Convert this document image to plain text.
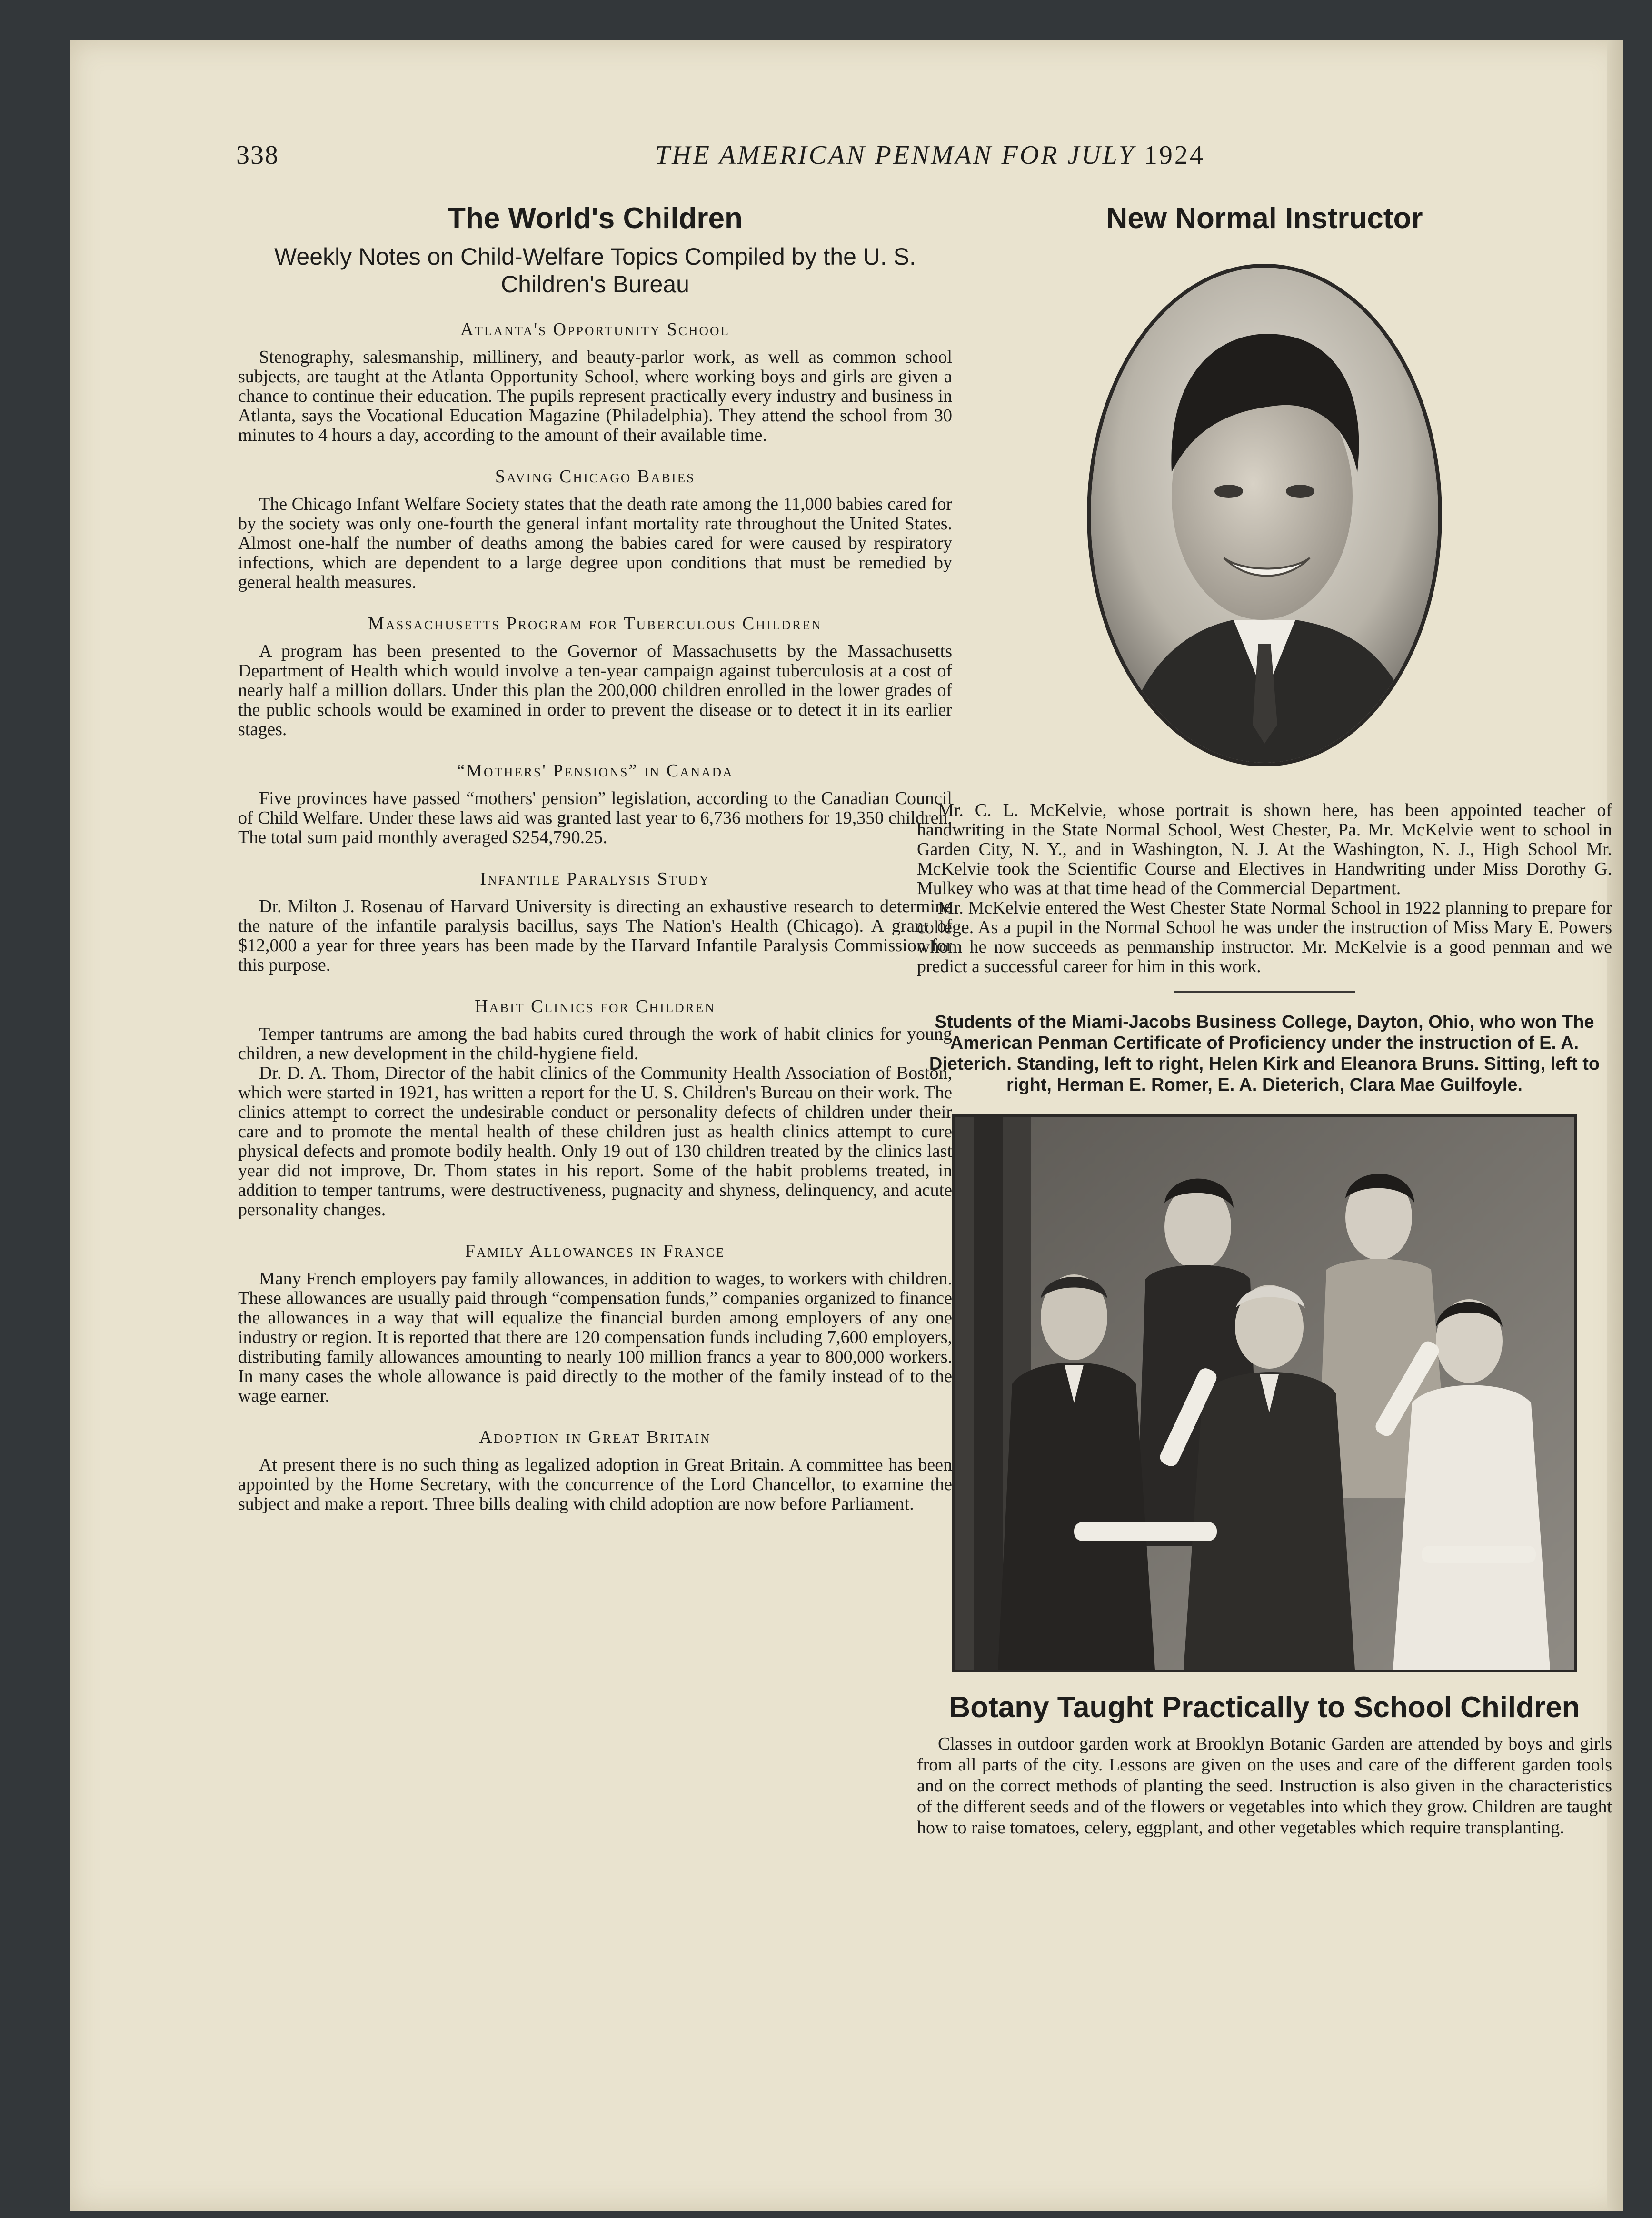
338	THE AMERICAN PENMAN FOR JULY 1924
The World's Children

Weekly Notes on Child-Welfare Topics Compiled by the U. S. Children's Bureau

Atlanta's Opportunity School

Stenography, salesmanship, millinery, and beauty-parlor work, as well as common school subjects, are taught at the Atlanta Opportunity School, where working boys and girls are given a chance to continue their education. The pupils represent practically every industry and business in Atlanta, says the Vocational Education Magazine (Philadelphia). They attend the school from 30 minutes to 4 hours a day, according to the amount of their available time.

Saving Chicago Babies

The Chicago Infant Welfare Society states that the death rate among the 11,000 babies cared for by the society was only one-fourth the general infant mortality rate throughout the United States. Almost one-half the number of deaths among the babies cared for were caused by respiratory infections, which are dependent to a large degree upon conditions that must be remedied by general health measures.

Massachusetts Program for Tuberculous Children

A program has been presented to the Governor of Massachusetts by the Massachusetts Department of Health which would involve a ten-year campaign against tuberculosis at a cost of nearly half a million dollars. Under this plan the 200,000 children enrolled in the lower grades of the public schools would be examined in order to prevent the disease or to detect it in its earlier stages.

“Mothers' Pensions” in Canada

Five provinces have passed “mothers' pension” legislation, according to the Canadian Council of Child Welfare. Under these laws aid was granted last year to 6,736 mothers for 19,350 children. The total sum paid monthly averaged $254,790.25.

Infantile Paralysis Study

Dr. Milton J. Rosenau of Harvard University is directing an exhaustive research to determine the nature of the infantile paralysis bacillus, says The Nation's Health (Chicago). A grant of $12,000 a year for three years has been made by the Harvard Infantile Paralysis Commission for this purpose.

Habit Clinics for Children

Temper tantrums are among the bad habits cured through the work of habit clinics for young children, a new development in the child-hygiene field.

Dr. D. A. Thom, Director of the habit clinics of the Community Health Association of Boston, which were started in 1921, has written a report for the U. S. Children's Bureau on their work. The clinics attempt to correct the undesirable conduct or personality defects of children under their care and to promote the mental health of these children just as health clinics attempt to cure physical defects and promote bodily health. Only 19 out of 130 children treated by the clinics last year did not improve, Dr. Thom states in his report. Some of the habit problems treated, in addition to temper tantrums, were destructiveness, pugnacity and shyness, delinquency, and acute personality changes.

Family Allowances in France

Many French employers pay family allowances, in addition to wages, to workers with children. These allowances are usually paid through “compensation funds,” companies organized to finance the allowances in a way that will equalize the financial burden among employers of any one industry or region. It is reported that there are 120 compensation funds including 7,600 employers, distributing family allowances amounting to nearly 100 million francs a year to 800,000 workers. In many cases the whole allowance is paid directly to the mother of the family instead of to the wage earner.

Adoption in Great Britain

At present there is no such thing as legalized adoption in Great Britain. A committee has been appointed by the Home Secretary, with the concurrence of the Lord Chancellor, to examine the subject and make a report. Three bills dealing with child adoption are now before Parliament.

New Normal Instructor

Mr. C. L. McKelvie, whose portrait is shown here, has been appointed teacher of handwriting in the State Normal School, West Chester, Pa. Mr. McKelvie went to school in Garden City, N. Y., and in Washington, N. J. At the Washington, N. J., High School Mr. McKelvie took the Scientific Course and Electives in Handwriting under Miss Dorothy G. Mulkey who was at that time head of the Commercial Department.

Mr. McKelvie entered the West Chester State Normal School in 1922 planning to prepare for college. As a pupil in the Normal School he was under the instruction of Miss Mary E. Powers whom he now succeeds as penmanship instructor. Mr. McKelvie is a good penman and we predict a successful career for him in this work.

Students of the Miami-Jacobs Business College, Dayton, Ohio, who won The American Penman Certificate of Proficiency under the instruction of E. A. Dieterich. Standing, left to right, Helen Kirk and Eleanora Bruns. Sitting, left to right, Herman E. Romer, E. A. Dieterich, Clara Mae Guilfoyle.

Botany Taught Practically to School Children

Classes in outdoor garden work at Brooklyn Botanic Garden are attended by boys and girls from all parts of the city. Lessons are given on the uses and care of the different garden tools and on the correct methods of planting the seed. Instruction is also given in the characteristics of the different seeds and of the flowers or vegetables into which they grow. Children are taught how to raise tomatoes, celery, eggplant, and other vegetables which require transplanting.
